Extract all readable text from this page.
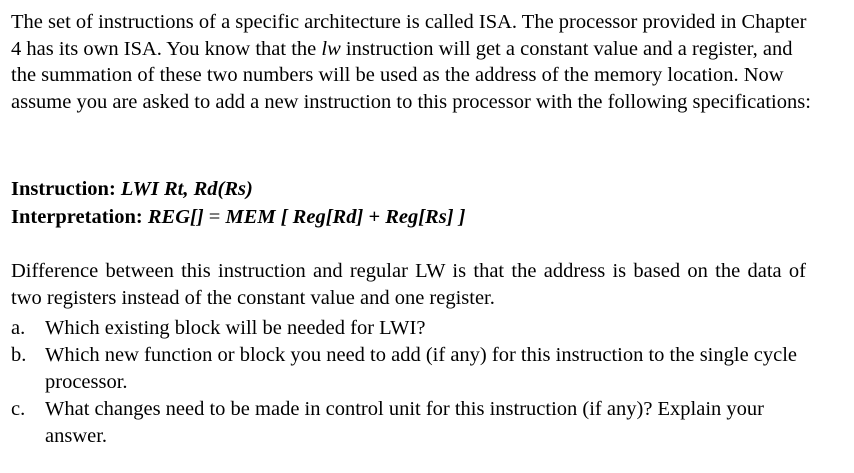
The set of instructions of a specific architecture is called ISA. The processor provided in Chapter 4 has its own ISA. You know that the lw instruction will get a constant value and a register, and the summation of these two numbers will be used as the address of the memory location. Now assume you are asked to add a new instruction to this processor with the following specifications:

Instruction: LWI Rt, Rd(Rs)
Interpretation: REG[] = MEM [ Reg[Rd] + Reg[Rs] ]

Difference between this instruction and regular LW is that the address is based on the data of two registers instead of the constant value and one register.

a. Which existing block will be needed for LWI?
b. Which new function or block you need to add (if any) for this instruction to the single cycle processor.
c. What changes need to be made in control unit for this instruction (if any)? Explain your answer.
